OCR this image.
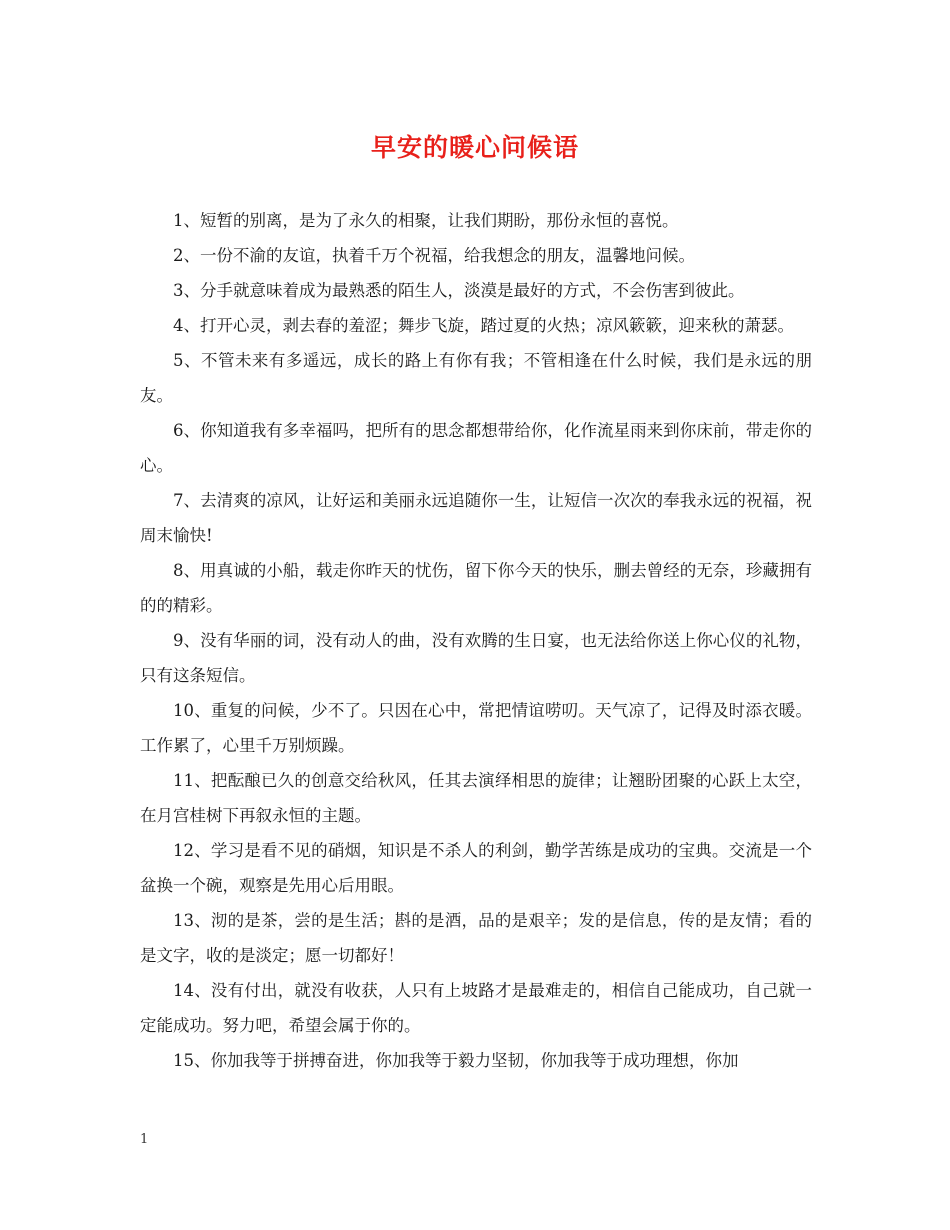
早安的暖心问候语

1、短暂的别离，是为了永久的相聚，让我们期盼，那份永恒的喜悦。

2、一份不渝的友谊，执着千万个祝福，给我想念的朋友，温馨地问候。

3、分手就意味着成为最熟悉的陌生人，淡漠是最好的方式，不会伤害到彼此。

4、打开心灵，剥去春的羞涩；舞步飞旋，踏过夏的火热；凉风簌簌，迎来秋的萧瑟。

5、不管未来有多遥远，成长的路上有你有我；不管相逢在什么时候，我们是永远的朋友。

6、你知道我有多幸福吗，把所有的思念都想带给你，化作流星雨来到你床前，带走你的心。

7、去清爽的凉风，让好运和美丽永远追随你一生，让短信一次次的奉我永远的祝福，祝周末愉快!

8、用真诚的小船，载走你昨天的忧伤，留下你今天的快乐，删去曾经的无奈，珍藏拥有的的精彩。

9、没有华丽的词，没有动人的曲，没有欢腾的生日宴，也无法给你送上你心仪的礼物，只有这条短信。

10、重复的问候，少不了。只因在心中，常把情谊唠叨。天气凉了，记得及时添衣暖。工作累了，心里千万别烦躁。

11、把酝酿已久的创意交给秋风，任其去演绎相思的旋律；让翘盼团聚的心跃上太空，在月宫桂树下再叙永恒的主题。

12、学习是看不见的硝烟，知识是不杀人的利剑，勤学苦练是成功的宝典。交流是一个盆换一个碗，观察是先用心后用眼。

13、沏的是茶，尝的是生活；斟的是酒，品的是艰辛；发的是信息，传的是友情；看的是文字，收的是淡定；愿一切都好！

14、没有付出，就没有收获，人只有上坡路才是最难走的，相信自己能成功，自己就一定能成功。努力吧，希望会属于你的。

15、你加我等于拼搏奋进，你加我等于毅力坚韧，你加我等于成功理想，你加

1
